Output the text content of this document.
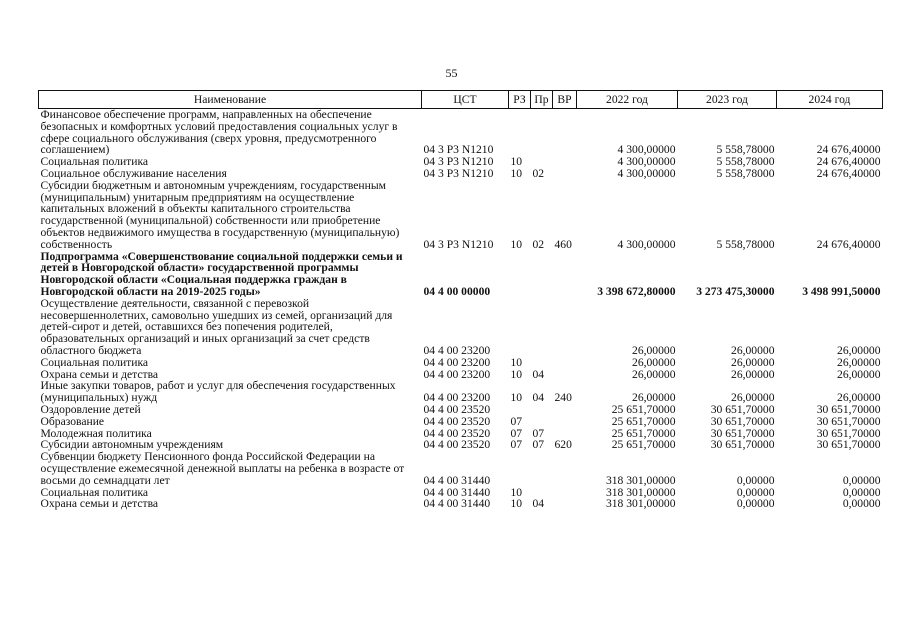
55
Наименование	ЦСТ	РЗ	Пр	ВР	2022 год	2023 год	2024 год
Финансовое обеспечение программ, направленных на обеспечение безопасных и комфортных условий предоставления социальных услуг в сфере социального обслуживания (сверх уровня, предусмотренного соглашением)	04 3 P3 N1210				4 300,00000	5 558,78000	24 676,40000
Социальная политика	04 3 P3 N1210	10			4 300,00000	5 558,78000	24 676,40000
Социальное обслуживание населения	04 3 P3 N1210	10	02		4 300,00000	5 558,78000	24 676,40000
Субсидии бюджетным и автономным учреждениям, государственным (муниципальным) унитарным предприятиям на осуществление капитальных вложений в объекты капитального строительства государственной (муниципальной) собственности или приобретение объектов недвижимого имущества в государственную (муниципальную) собственность	04 3 P3 N1210	10	02	460	4 300,00000	5 558,78000	24 676,40000
Подпрограмма «Совершенствование социальной поддержки семьи и детей в Новгородской области» государственной программы Новгородской области «Социальная поддержка граждан в Новгородской области на 2019-2025 годы»	04 4 00 00000				3 398 672,80000	3 273 475,30000	3 498 991,50000
Осуществление деятельности, связанной с перевозкой несовершеннолетних, самовольно ушедших из семей, организаций для детей-сирот и детей, оставшихся без попечения родителей, образовательных организаций и иных организаций за счет средств областного бюджета	04 4 00 23200				26,00000	26,00000	26,00000
Социальная политика	04 4 00 23200	10			26,00000	26,00000	26,00000
Охрана семьи и детства	04 4 00 23200	10	04		26,00000	26,00000	26,00000
Иные закупки товаров, работ и услуг для обеспечения государственных (муниципальных) нужд	04 4 00 23200	10	04	240	26,00000	26,00000	26,00000
Оздоровление детей	04 4 00 23520				25 651,70000	30 651,70000	30 651,70000
Образование	04 4 00 23520	07			25 651,70000	30 651,70000	30 651,70000
Молодежная политика	04 4 00 23520	07	07		25 651,70000	30 651,70000	30 651,70000
Субсидии автономным учреждениям	04 4 00 23520	07	07	620	25 651,70000	30 651,70000	30 651,70000
Субвенции бюджету Пенсионного фонда Российской Федерации на осуществление ежемесячной денежной выплаты на ребенка в возрасте от восьми до семнадцати лет	04 4 00 31440				318 301,00000	0,00000	0,00000
Социальная политика	04 4 00 31440	10			318 301,00000	0,00000	0,00000
Охрана семьи и детства	04 4 00 31440	10	04		318 301,00000	0,00000	0,00000
